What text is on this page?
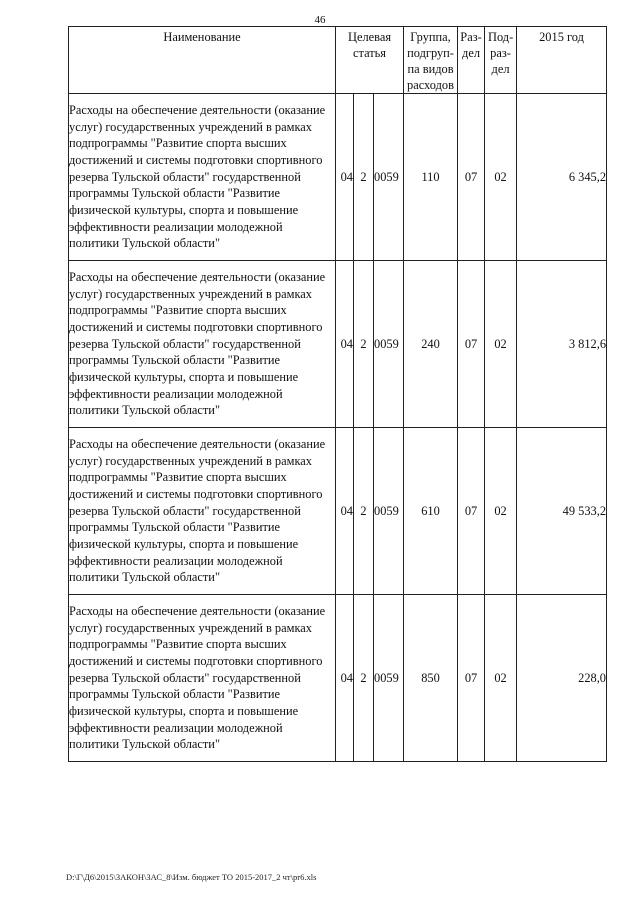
46
Наименование	Целевая статья			Группа, подгруп- па видов расходов	Раз- дел	Под- раз- дел	2015 год
Расходы на обеспечение деятельности (оказание услуг) государственных учреждений в рамках подпрограммы "Развитие спорта высших достижений и системы подготовки спортивного резерва Тульской области" государственной программы Тульской области "Развитие физической культуры, спорта и повышение эффективности реализации молодежной политики Тульской области"	04	2	0059	110	07	02	6 345,2
Расходы на обеспечение деятельности (оказание услуг) государственных учреждений в рамках подпрограммы "Развитие спорта высших достижений и системы подготовки спортивного резерва Тульской области" государственной программы Тульской области "Развитие физической культуры, спорта и повышение эффективности реализации молодежной политики Тульской области"	04	2	0059	240	07	02	3 812,6
Расходы на обеспечение деятельности (оказание услуг) государственных учреждений в рамках подпрограммы "Развитие спорта высших достижений и системы подготовки спортивного резерва Тульской области" государственной программы Тульской области "Развитие физической культуры, спорта и повышение эффективности реализации молодежной политики Тульской области"	04	2	0059	610	07	02	49 533,2
Расходы на обеспечение деятельности (оказание услуг) государственных учреждений в рамках подпрограммы "Развитие спорта высших достижений и системы подготовки спортивного резерва Тульской области" государственной программы Тульской области "Развитие физической культуры, спорта и повышение эффективности реализации молодежной политики Тульской области"	04	2	0059	850	07	02	228,0
D:\Г\Д6\2015\ЗАКОН\ЗАС_8\Изм. бюджет ТО 2015-2017_2 чт\pr6.xls
